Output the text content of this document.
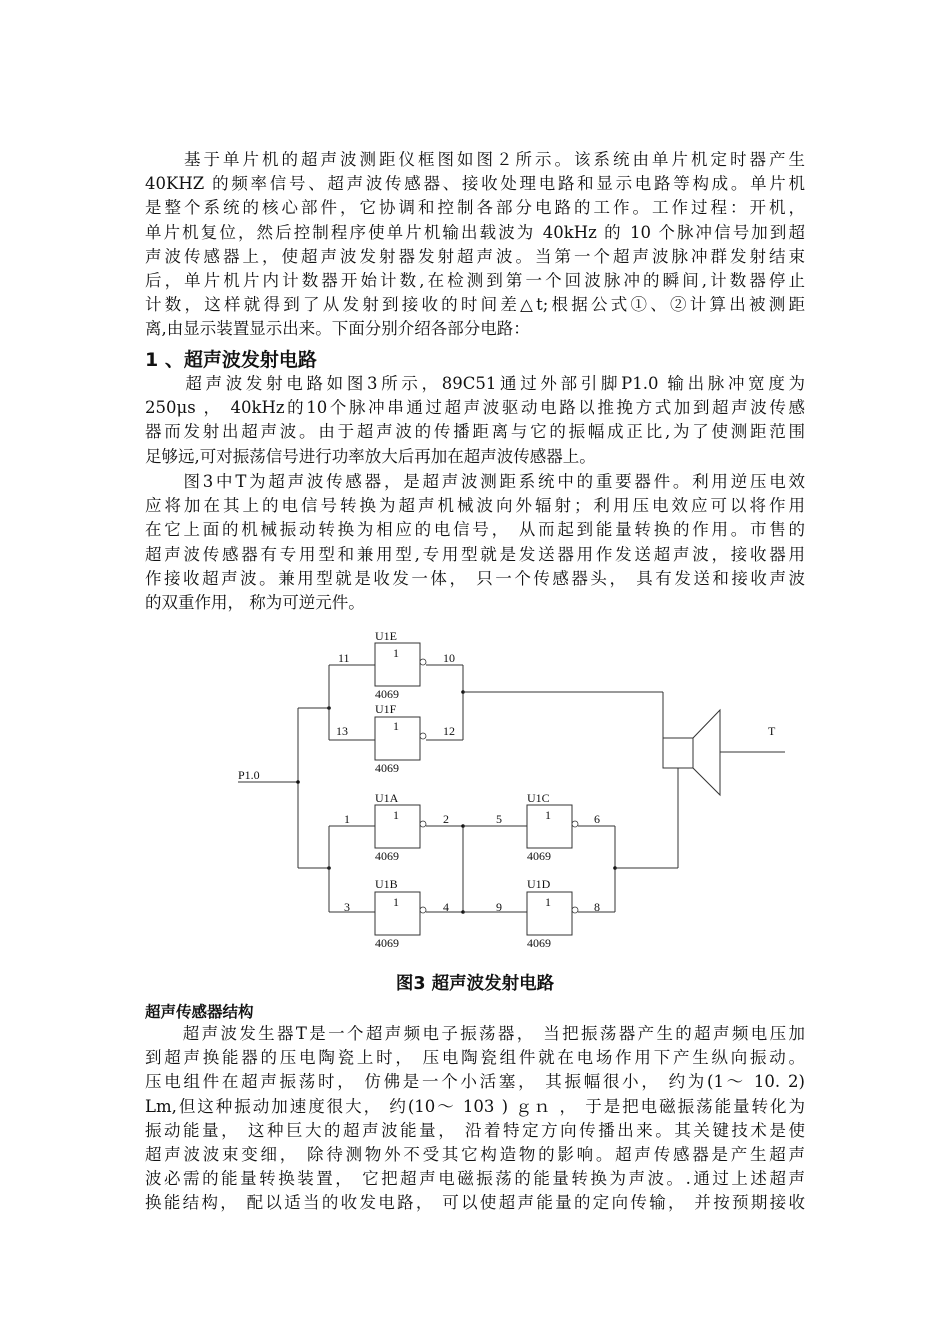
　　基于单片机的超声波测距仪框图如图２所示。该系统由单片机定时器产生
40KHZ 的频率信号、超声波传感器、接收处理电路和显示电路等构成。单片机
是整个系统的核心部件，它协调和控制各部分电路的工作。工作过程：开机，
单片机复位，然后控制程序使单片机输出载波为 40kHz 的 10 个脉冲信号加到超
声波传感器上，使超声波发射器发射超声波。当第一个超声波脉冲群发射结束
后，单片机片内计数器开始计数,在检测到第一个回波脉冲的瞬间,计数器停止
计数，这样就得到了从发射到接收的时间差△t;根据公式①、②计算出被测距
离,由显示装置显示出来。下面分别介绍各部分电路：
1 、超声波发射电路
　　超声波发射电路如图3所示，89C51通过外部引脚P1.0 输出脉冲宽度为
250μs ， 40kHz的10个脉冲串通过超声波驱动电路以推挽方式加到超声波传感
器而发射出超声波。由于超声波的传播距离与它的振幅成正比,为了使测距范围
足够远,可对振荡信号进行功率放大后再加在超声波传感器上。
　　图3中T为超声波传感器，是超声波测距系统中的重要器件。利用逆压电效
应将加在其上的电信号转换为超声机械波向外辐射；利用压电效应可以将作用
在它上面的机械振动转换为相应的电信号， 从而起到能量转换的作用。市售的
超声波传感器有专用型和兼用型,专用型就是发送器用作发送超声波，接收器用
作接收超声波。兼用型就是收发一体， 只一个传感器头， 具有发送和接收声波
的双重作用， 称为可逆元件。
P1.0
U1E
1
4069
11	10
U1F
1
4069
13	12	T
U1A
1
4069
1	2
U1B
1
4069
3	4
U1C
1
4069
5	6
U1D
1
4069
9	8
图3 超声波发射电路
超声传感器结构
　　超声波发生器T是一个超声频电子振荡器， 当把振荡器产生的超声频电压加
到超声换能器的压电陶瓷上时， 压电陶瓷组件就在电场作用下产生纵向振动。
压电组件在超声振荡时， 仿佛是一个小活塞， 其振幅很小， 约为(1～ 10. 2)
Lm,但这种振动加速度很大， 约(10～ 103 ) ｇｎ ， 于是把电磁振荡能量转化为
振动能量， 这种巨大的超声波能量， 沿着特定方向传播出来。其关键技术是使
超声波波束变细， 除待测物外不受其它构造物的影响。超声传感器是产生超声
波必需的能量转换装置， 它把超声电磁振荡的能量转换为声波。.通过上述超声
换能结构， 配以适当的收发电路， 可以使超声能量的定向传输， 并按预期接收
